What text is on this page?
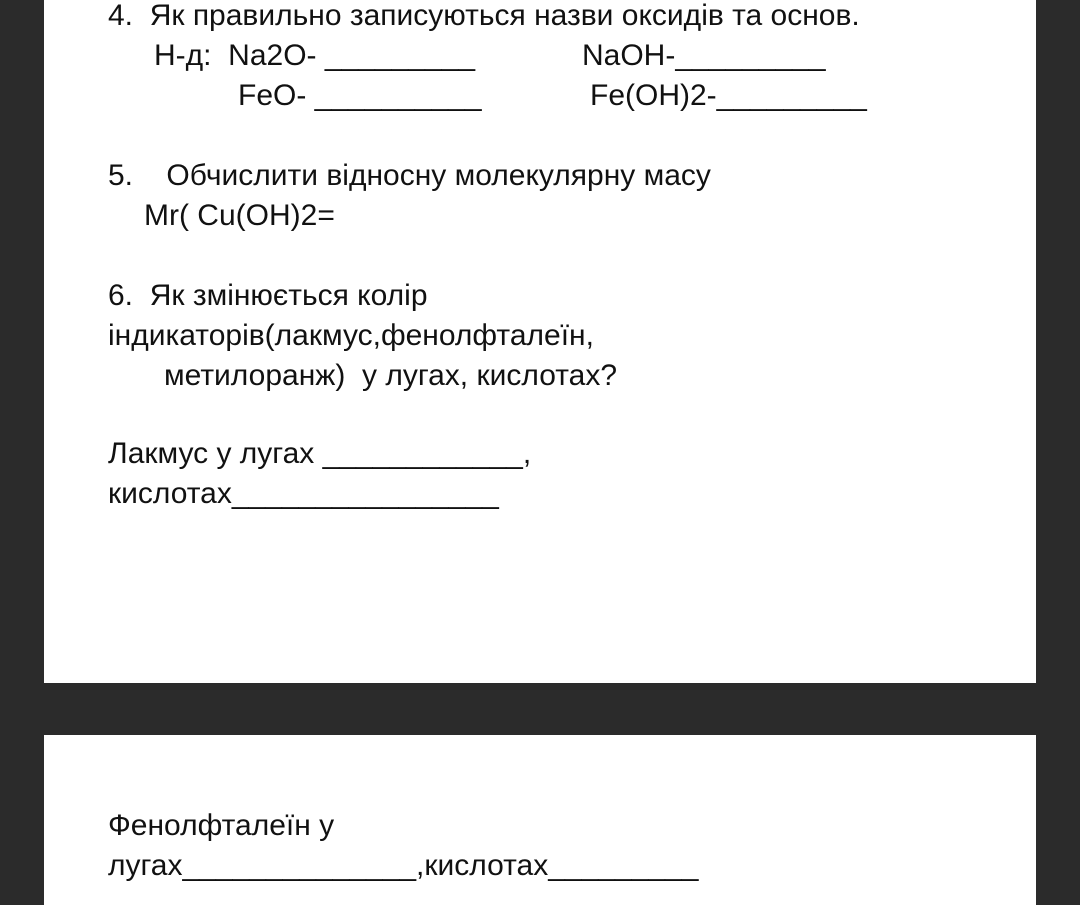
4.  Як правильно записуються назви оксидів та основ.
Н-д:  Na2O- _________	NaOH-_________
FeO- __________	Fe(OH)2-_________
5.    Обчислити відносну молекулярну масу
Mr( Cu(OH)2=
6.  Як змінюється колір
індикаторів(лакмус,фенолфталеїн,
метилоранж)  у лугах, кислотах?
Лакмус у лугах ____________,
кислотах________________
Фенолфталеїн у
лугах______________,кислотах_________
